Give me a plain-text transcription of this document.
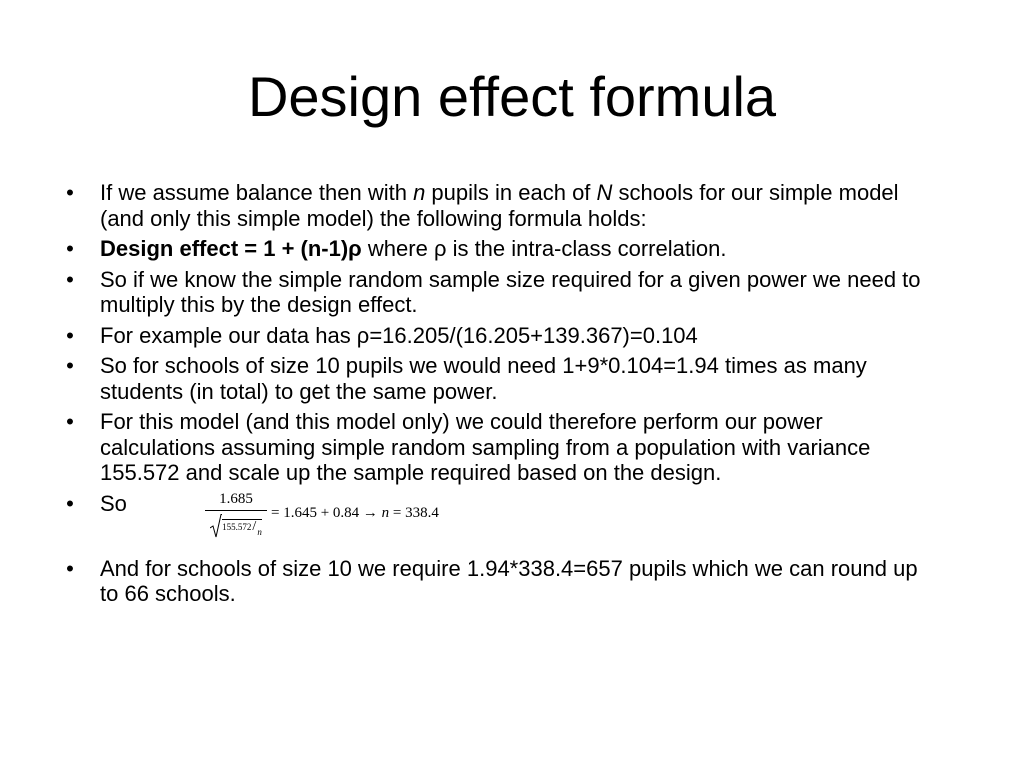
Design effect formula
• If we assume balance then with n pupils in each of N schools for our simple model (and only this simple model) the following formula holds:
• Design effect = 1 + (n-1)ρ where ρ is the intra-class correlation.
• So if we know the simple random sample size required for a given power we need to multiply this by the design effect.
• For example our data has ρ=16.205/(16.205+139.367)=0.104
• So for schools of size 10 pupils we would need 1+9*0.104=1.94 times as many students (in total) to get the same power.
• For this model (and this model only) we could therefore perform our power calculations assuming simple random sampling from a population with variance 155.572 and scale up the sample required based on the design.
• So	$\frac{1.685}{155.572 / n} = 1.645 + 0.84 \to n = 338.4$
• And for schools of size 10 we require 1.94*338.4=657 pupils which we can round up to 66 schools.
